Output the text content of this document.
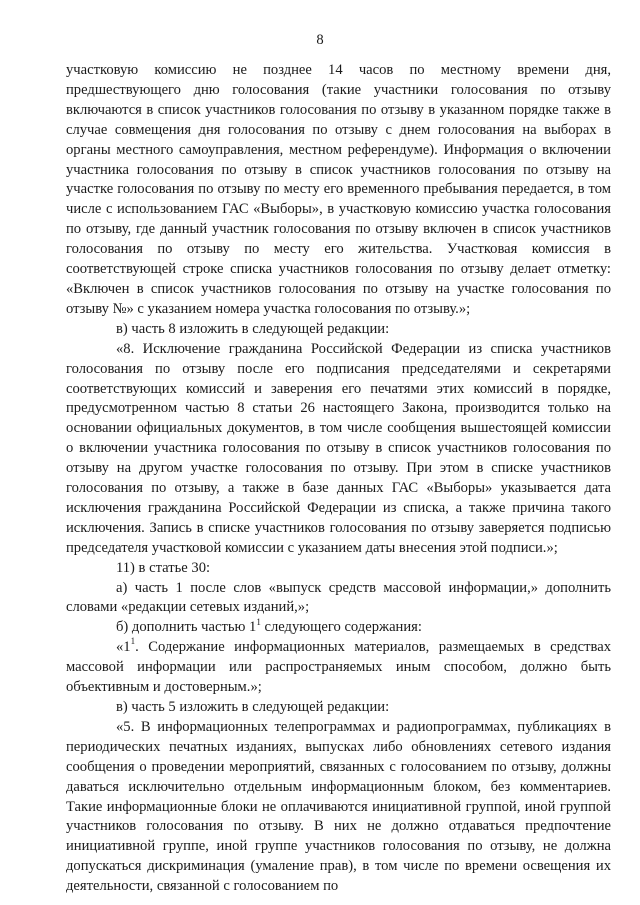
8

участковую комиссию не позднее 14 часов по местному времени дня, предшествующего дню голосования (такие участники голосования по отзыву включаются в список участников голосования по отзыву в указанном порядке также в случае совмещения дня голосования по отзыву с днем голосования на выборах в органы местного самоуправления, местном референдуме). Информация о включении участника голосования по отзыву в список участников голосования по отзыву на участке голосования по отзыву по месту его временного пребывания передается, в том числе с использованием ГАС «Выборы», в участковую комиссию участка голосования по отзыву, где данный участник голосования по отзыву включен в список участников голосования по отзыву по месту его жительства. Участковая комиссия в соответствующей строке списка участников голосования по отзыву делает отметку: «Включен в список участников голосования по отзыву на участке голосования по отзыву №» с указанием номера участка голосования по отзыву.»;

в) часть 8 изложить в следующей редакции:

«8. Исключение гражданина Российской Федерации из списка участников голосования по отзыву после его подписания председателями и секретарями соответствующих комиссий и заверения его печатями этих комиссий в порядке, предусмотренном частью 8 статьи 26 настоящего Закона, производится только на основании официальных документов, в том числе сообщения вышестоящей комиссии о включении участника голосования по отзыву в список участников голосования по отзыву на другом участке голосования по отзыву. При этом в списке участников голосования по отзыву, а также в базе данных ГАС «Выборы» указывается дата исключения гражданина Российской Федерации из списка, а также причина такого исключения. Запись в списке участников голосования по отзыву заверяется подписью председателя участковой комиссии с указанием даты внесения этой подписи.»;

11) в статье 30:

а) часть 1 после слов «выпуск средств массовой информации,» дополнить словами «редакции сетевых изданий,»;

б) дополнить частью $1^1$ следующего содержания:

«$1^1$. Содержание информационных материалов, размещаемых в средствах массовой информации или распространяемых иным способом, должно быть объективным и достоверным.»;

в) часть 5 изложить в следующей редакции:

«5. В информационных телепрограммах и радиопрограммах, публикациях в периодических печатных изданиях, выпусках либо обновлениях сетевого издания сообщения о проведении мероприятий, связанных с голосованием по отзыву, должны даваться исключительно отдельным информационным блоком, без комментариев. Такие информационные блоки не оплачиваются инициативной группой, иной группой участников голосования по отзыву. В них не должно отдаваться предпочтение инициативной группе, иной группе участников голосования по отзыву, не должна допускаться дискриминация (умаление прав), в том числе по времени освещения их деятельности, связанной с голосованием по
